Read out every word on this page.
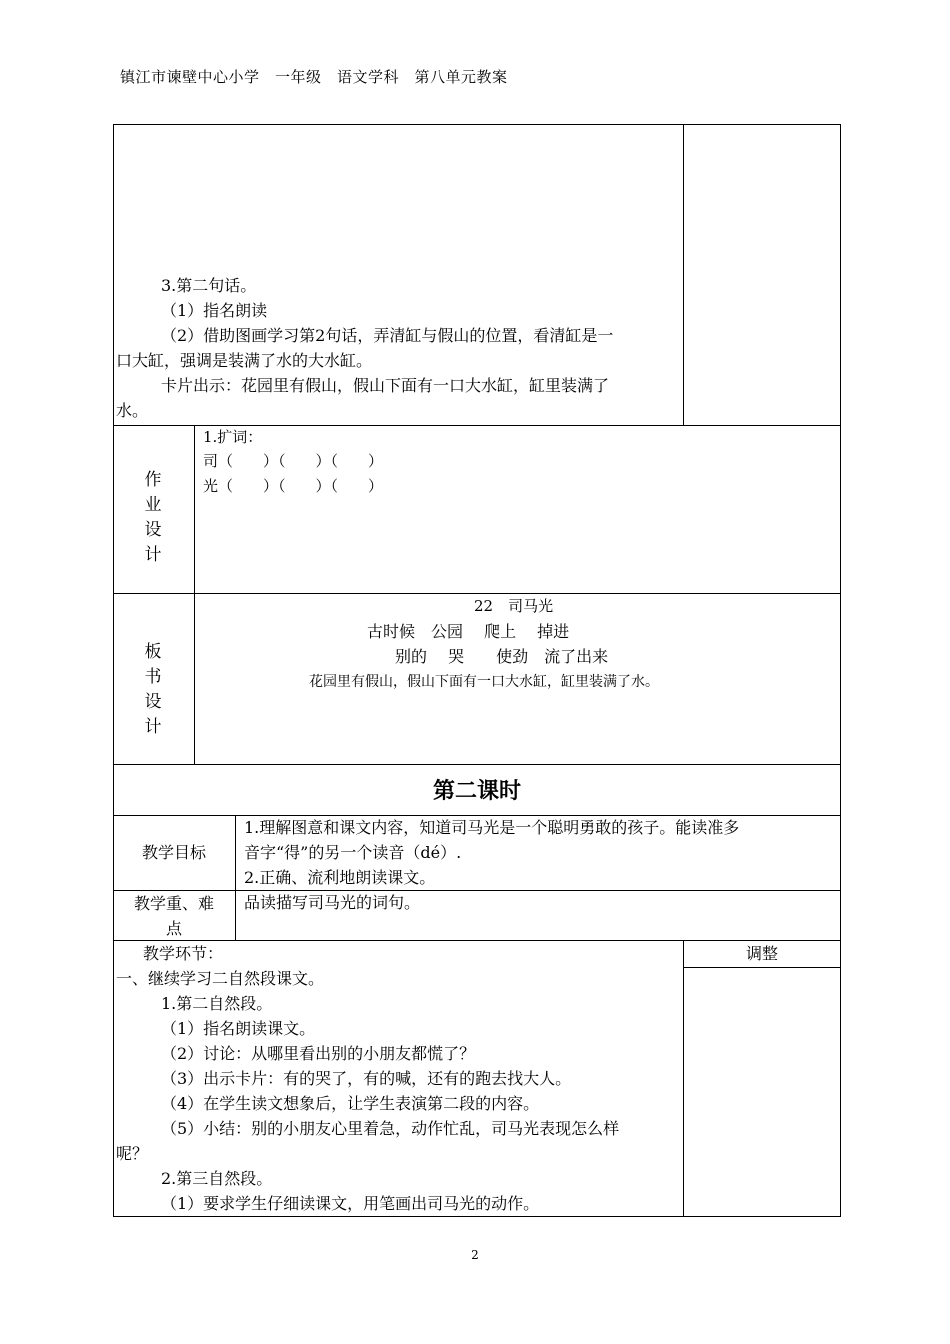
镇江市谏壁中心小学　一年级　语文学科　第八单元教案
3.第二句话。
（1）指名朗读
（2）借助图画学习第2句话，弄清缸与假山的位置，看清缸是一
口大缸，强调是装满了水的大水缸。
卡片出示：花园里有假山，假山下面有一口大水缸，缸里装满了
水。
作
业
设
计
1.扩词：
司（　　）（　　）（　　）
光（　　）（　　）（　　）
板
书
设
计
22　司马光
古时候　公园　 爬上　 掉进
别的　 哭　　使劲　流了出来
花园里有假山，假山下面有一口大水缸，缸里装满了水。
第二课时
教学目标
1.理解图意和课文内容，知道司马光是一个聪明勇敢的孩子。能读准多
音字“得”的另一个读音（dé）.
2.正确、流利地朗读课文。
教学重、难
点
品读描写司马光的词句。
教学环节：	调整
一、继续学习二自然段课文。
1.第二自然段。
（1）指名朗读课文。
（2）讨论：从哪里看出别的小朋友都慌了？
（3）出示卡片：有的哭了，有的喊，还有的跑去找大人。
（4）在学生读文想象后，让学生表演第二段的内容。
（5）小结：别的小朋友心里着急，动作忙乱，司马光表现怎么样
呢？
2.第三自然段。
（1）要求学生仔细读课文，用笔画出司马光的动作。
2
